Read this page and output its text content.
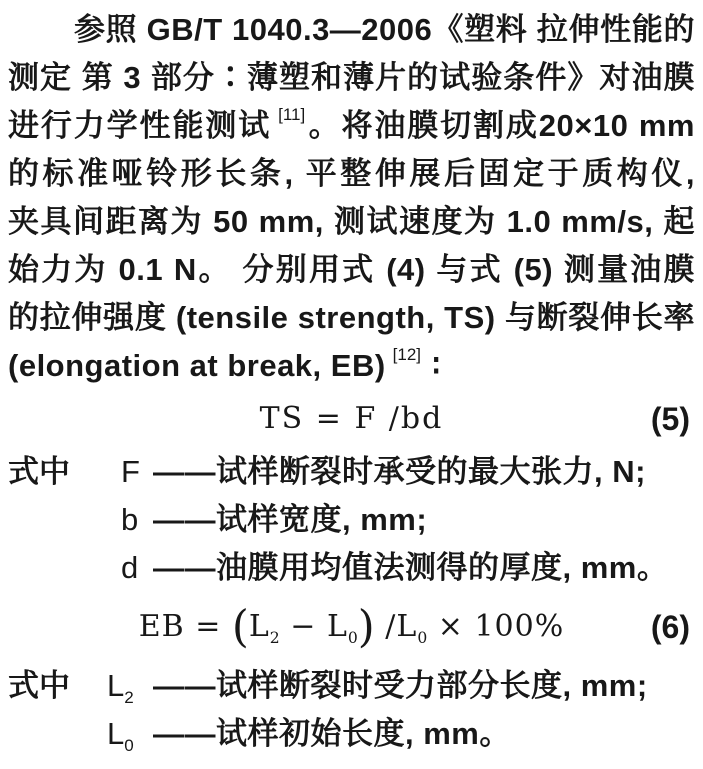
参照 GB/T 1040.3—2006《塑料 拉伸性能的
测定 第 3 部分∶薄塑和薄片的试验条件》对油膜
进行力学性能测试 [11]。将油膜切割成20×10 mm
的标准哑铃形长条, 平整伸展后固定于质构仪,
夹具间距离为 50 mm, 测试速度为 1.0 mm/s, 起
始力为 0.1 N。 分别用式 (4) 与式 (5) 测量油膜
的拉伸强度 (tensile strength, TS) 与断裂伸长率
(elongation at break, EB) [12] ∶
TS = F /bd	(5)
式中	F ——试样断裂时承受的最大张力, N;
b ——试样宽度, mm;
d ——油膜用均值法测得的厚度, mm。
EB = $(L_2 - L_0) /L_0 \times 100\%$	(6)
式中	$L_2$ ——试样断裂时受力部分长度, mm;
$L_0$ ——试样初始长度, mm。
